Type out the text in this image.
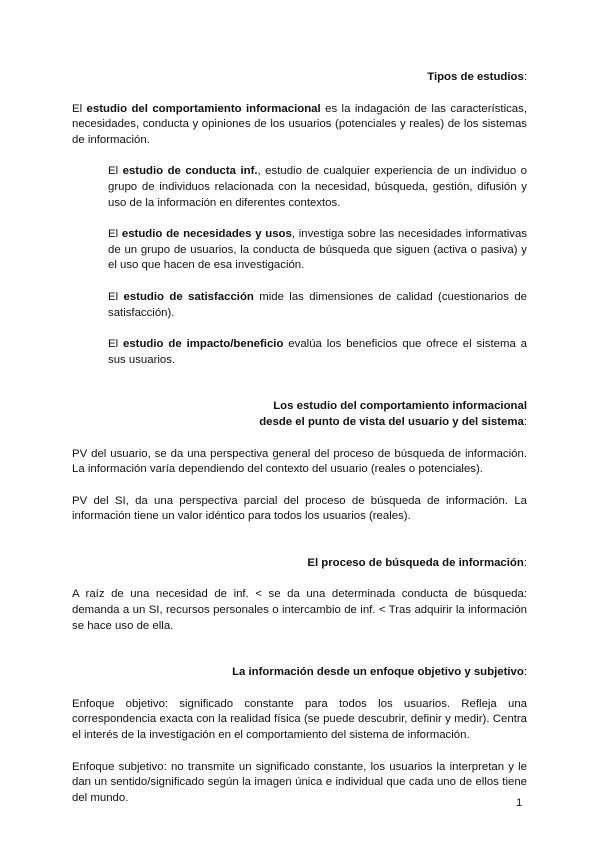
Tipos de estudios:

El estudio del comportamiento informacional es la indagación de las características, necesidades, conducta y opiniones de los usuarios (potenciales y reales) de los sistemas de información.

El estudio de conducta inf., estudio de cualquier experiencia de un individuo o grupo de individuos relacionada con la necesidad, búsqueda, gestión, difusión y uso de la información en diferentes contextos.

El estudio de necesidades y usos, investiga sobre las necesidades informativas de un grupo de usuarios, la conducta de búsqueda que siguen (activa o pasiva) y el uso que hacen de esa investigación.

El estudio de satisfacción mide las dimensiones de calidad (cuestionarios de satisfacción).

El estudio de impacto/beneficio evalúa los beneficios que ofrece el sistema a sus usuarios.

Los estudio del comportamiento informacional
desde el punto de vista del usuario y del sistema:

PV del usuario, se da una perspectiva general del proceso de búsqueda de información. La información varía dependiendo del contexto del usuario (reales o potenciales).

PV del SI, da una perspectiva parcial del proceso de búsqueda de información. La información tiene un valor idéntico para todos los usuarios (reales).

El proceso de búsqueda de información:

A raíz de una necesidad de inf. < se da una determinada conducta de búsqueda: demanda a un SI, recursos personales o intercambio de inf. < Tras adquirir la información se hace uso de ella.

La información desde un enfoque objetivo y subjetivo:

Enfoque objetivo: significado constante para todos los usuarios. Refleja una correspondencia exacta con la realidad física (se puede descubrir, definir y medir). Centra el interés de la investigación en el comportamiento del sistema de información.

Enfoque subjetivo: no transmite un significado constante, los usuarios la interpretan y le dan un sentido/significado según la imagen única e individual que cada uno de ellos tiene del mundo.	1
